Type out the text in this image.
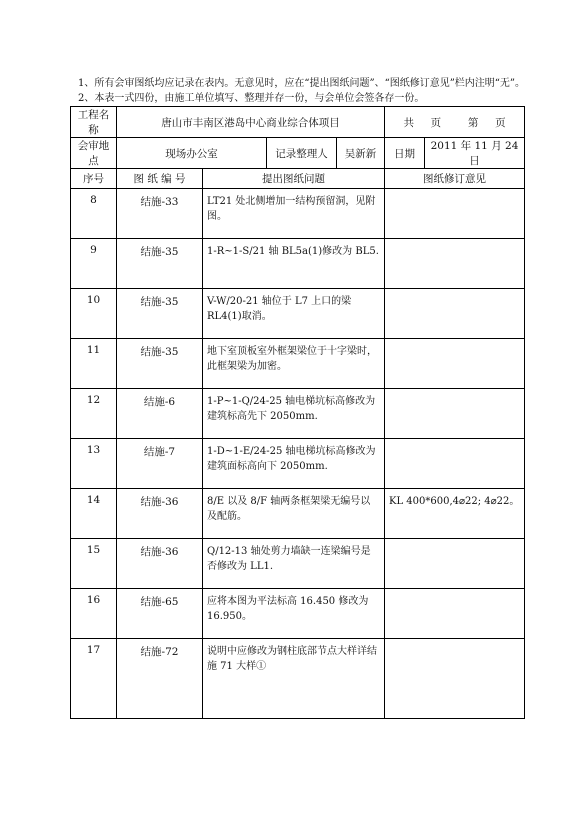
1、所有会审图纸均应记录在表内。无意见时，应在“提出图纸问题”、“图纸修订意见”栏内注明“无”。
2、本表一式四份，由施工单位填写、整理并存一份，与会单位会签各存一份。
工程名称	唐山市丰南区港岛中心商业综合体项目				共 页 第 页	
会审地点	现场办公室		记录整理人	吴新新	日期	2011 年 11 月 24 日
序号	图 纸 编 号	提出图纸问题			图纸修订意见	
8	结施-33	LT21 处北侧增加一结构预留洞，见附图。				
9	结施-35	1-R~1-S/21 轴 BL5a(1)修改为 BL5.				
10	结施-35	V-W/20-21 轴位于 L7 上口的梁 RL4(1)取消。				
11	结施-35	地下室顶板室外框架梁位于十字梁时，此框架梁为加密。				
12	结施-6	1-P~1-Q/24-25 轴电梯坑标高修改为建筑标高先下 2050mm.				
13	结施-7	1-D~1-E/24-25 轴电梯坑标高修改为建筑面标高向下 2050mm.				
14	结施-36	8/E 以及 8/F 轴两条框架梁无编号以及配筋。			KL 400*600,4⌀22; 4⌀22。	
15	结施-36	Q/12-13 轴处剪力墙缺一连梁编号是否修改为 LL1.				
16	结施-65	应将本图为平法标高 16.450 修改为 16.950。				
17	结施-72	说明中应修改为钢柱底部节点大样详结施 71 大样①				
